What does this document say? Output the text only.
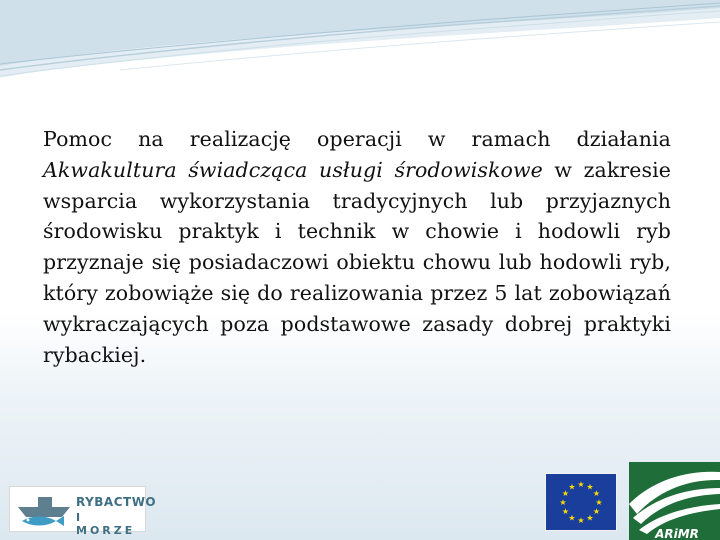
Pomoc na realizację operacji w ramach działania Akwakultura świadcząca usługi środowiskowe w zakresie wsparcia wykorzystania tradycyjnych lub przyjaznych środowisku praktyk i technik w chowie i hodowli ryb przyznaje się posiadaczowi obiektu chowu lub hodowli ryb, który zobowiąże się do realizowania przez 5 lat zobowiązań wykraczających poza podstawowe zasady dobrej praktyki rybackiej.
RYBACTWO
I MORZE
★ ★
★
★
★
★
★
★
★
★
★
★
ARiMR
